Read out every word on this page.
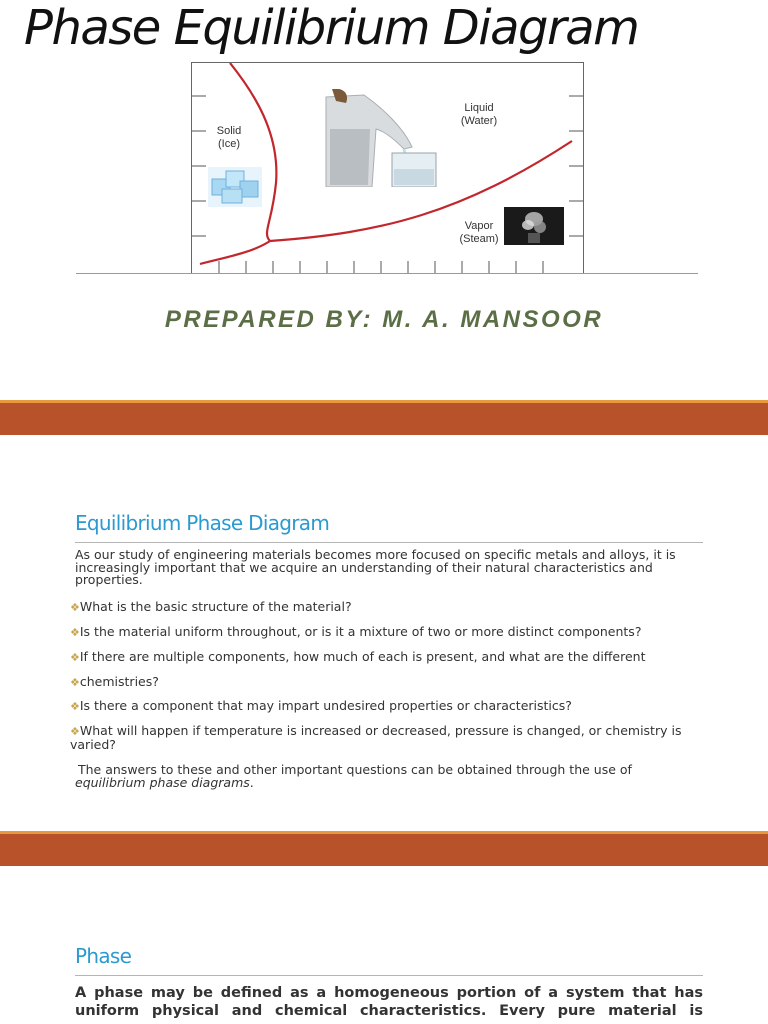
Phase Equilibrium Diagram
Solid
(Ice)
Liquid
(Water)
Vapor
(Steam)
PREPARED BY: M. A. MANSOOR
Equilibrium Phase Diagram
As our study of engineering materials becomes more focused on specific metals and alloys, it is increasingly important that we acquire an understanding of their natural characteristics and properties.
❖What is the basic structure of the material?
❖Is the material uniform throughout, or is it a mixture of two or more distinct components?
❖If there are multiple components, how much of each is present, and what are the different
❖chemistries?
❖Is there a component that may impart undesired properties or characteristics?
❖What will happen if temperature is increased or decreased, pressure is changed, or chemistry is varied?
The answers to these and other important questions can be obtained through the use of equilibrium phase diagrams.
Phase
A phase may be defined as a homogeneous portion of a system that has uniform physical and chemical characteristics. Every pure material is
